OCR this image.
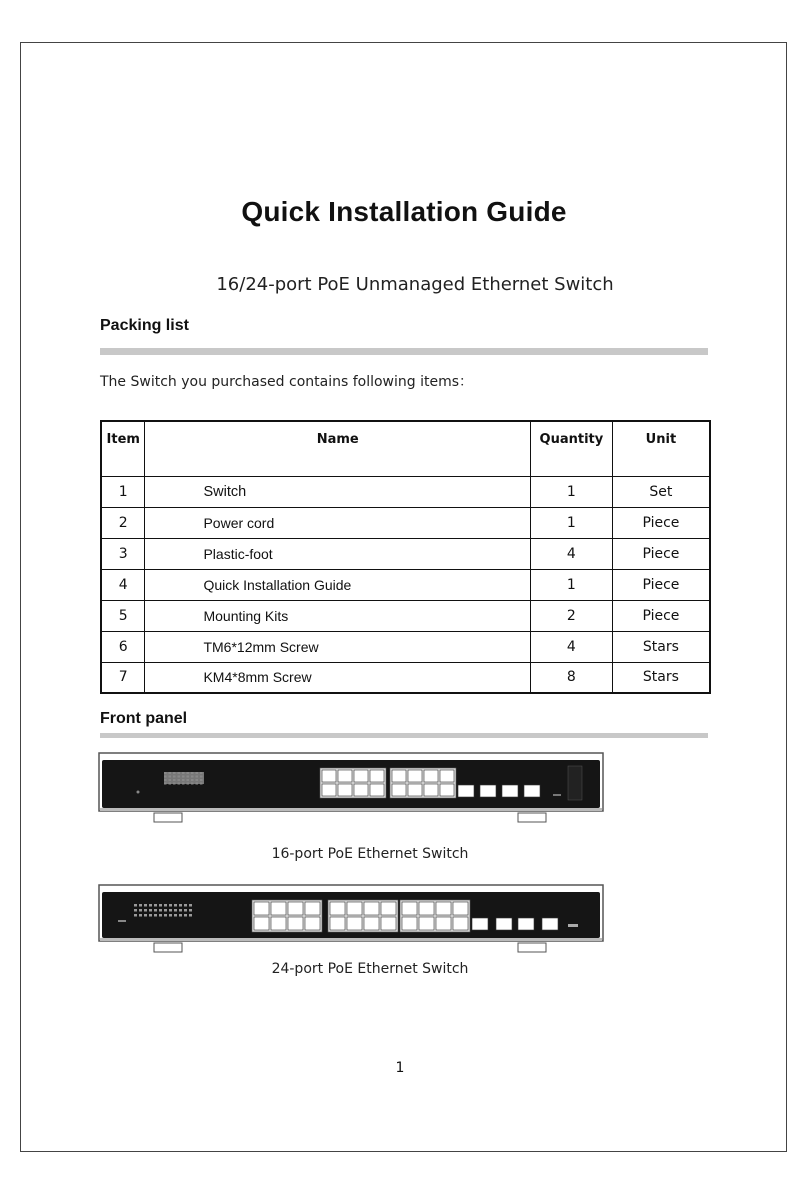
Quick Installation Guide
16/24-port PoE Unmanaged Ethernet Switch
Packing list
The Switch you purchased contains following items：
Item	Name	Quantity	Unit
1	Switch	1	Set
2	Power cord	1	Piece
3	Plastic-foot	4	Piece
4	Quick Installation Guide	1	Piece
5	Mounting Kits	2	Piece
6	TM6*12mm Screw	4	Stars
7	KM4*8mm Screw	8	Stars
Front panel
16-port PoE Ethernet Switch
24-port PoE Ethernet Switch
1
